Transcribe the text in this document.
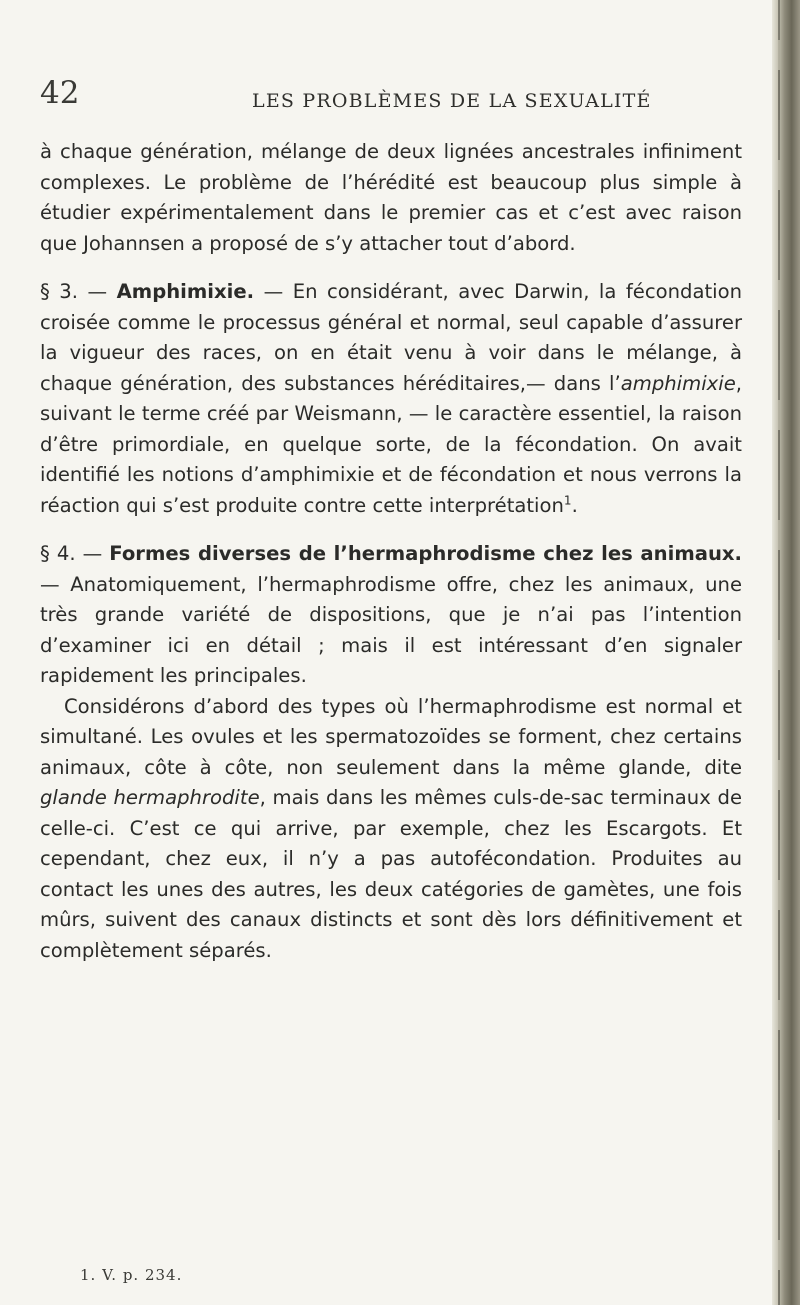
42	LES PROBLÈMES DE LA SEXUALITÉ

à chaque génération, mélange de deux lignées ancestrales infiniment complexes. Le problème de l’hérédité est beaucoup plus simple à étudier expérimentalement dans le premier cas et c’est avec raison que Johannsen a proposé de s’y attacher tout d’abord.

§ 3. — Amphimixie. — En considérant, avec Darwin, la fécondation croisée comme le processus général et normal, seul capable d’assurer la vigueur des races, on en était venu à voir dans le mélange, à chaque génération, des substances héréditaires,— dans l’amphimixie, suivant le terme créé par Weismann, — le caractère essentiel, la raison d’être primordiale, en quelque sorte, de la fécondation. On avait identifié les notions d’amphimixie et de fécondation et nous verrons la réaction qui s’est produite contre cette interprétation$^1$.

§ 4. — Formes diverses de l’hermaphrodisme chez les animaux. — Anatomiquement, l’hermaphrodisme offre, chez les animaux, une très grande variété de dispositions, que je n’ai pas l’intention d’examiner ici en détail ; mais il est intéressant d’en signaler rapidement les principales.

Considérons d’abord des types où l’hermaphrodisme est normal et simultané. Les ovules et les spermatozoïdes se forment, chez certains animaux, côte à côte, non seulement dans la même glande, dite glande hermaphrodite, mais dans les mêmes culs-de-sac terminaux de celle-ci. C’est ce qui arrive, par exemple, chez les Escargots. Et cependant, chez eux, il n’y a pas autofécondation. Produites au contact les unes des autres, les deux catégories de gamètes, une fois mûrs, suivent des canaux distincts et sont dès lors définitivement et complètement séparés.

1. V. p. 234.
